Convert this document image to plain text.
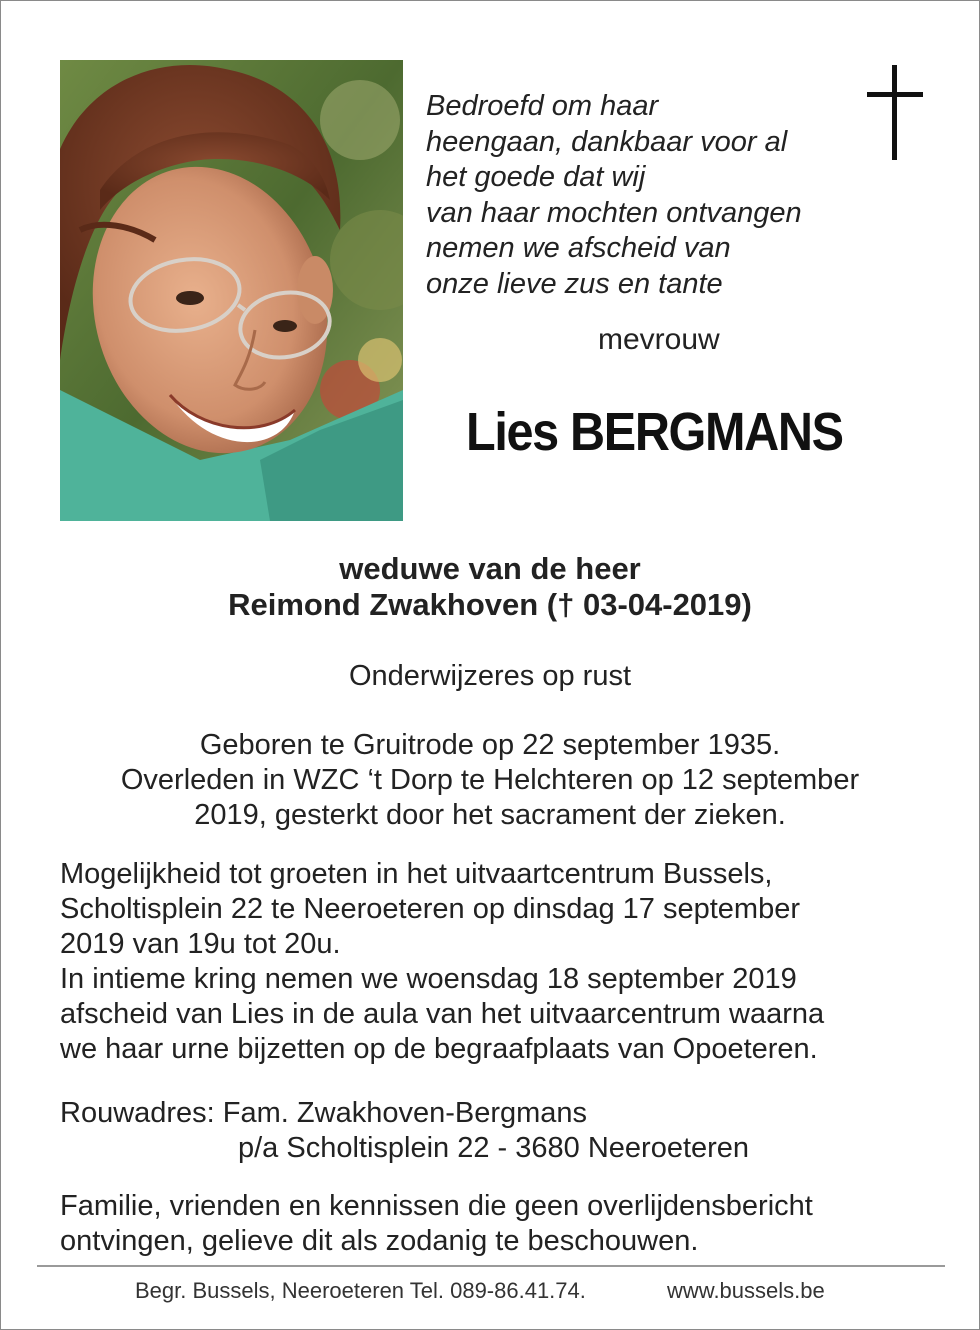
Bedroefd om haar
heengaan, dankbaar voor al
het goede dat wij
van haar mochten ontvangen
nemen we afscheid van
onze lieve zus en tante
mevrouw
Lies BERGMANS
weduwe van de heer
Reimond Zwakhoven († 03-04-2019)
Onderwijzeres op rust
Geboren te Gruitrode op 22 september 1935.
Overleden in WZC ‘t Dorp te Helchteren op 12 september
2019, gesterkt door het sacrament der zieken.
Mogelijkheid tot groeten in het uitvaartcentrum Bussels,
Scholtisplein 22 te Neeroeteren op dinsdag 17 september
2019 van 19u tot 20u.
In intieme kring nemen we woensdag 18 september 2019
afscheid van Lies in de aula van het uitvaarcentrum waarna
we haar urne bijzetten op de begraafplaats van Opoeteren.
Rouwadres: Fam. Zwakhoven-Bergmans
p/a Scholtisplein 22 - 3680 Neeroeteren
Familie, vrienden en kennissen die geen overlijdensbericht
ontvingen, gelieve dit als zodanig te beschouwen.
Begr. Bussels, Neeroeteren Tel. 089-86.41.74.	www.bussels.be
